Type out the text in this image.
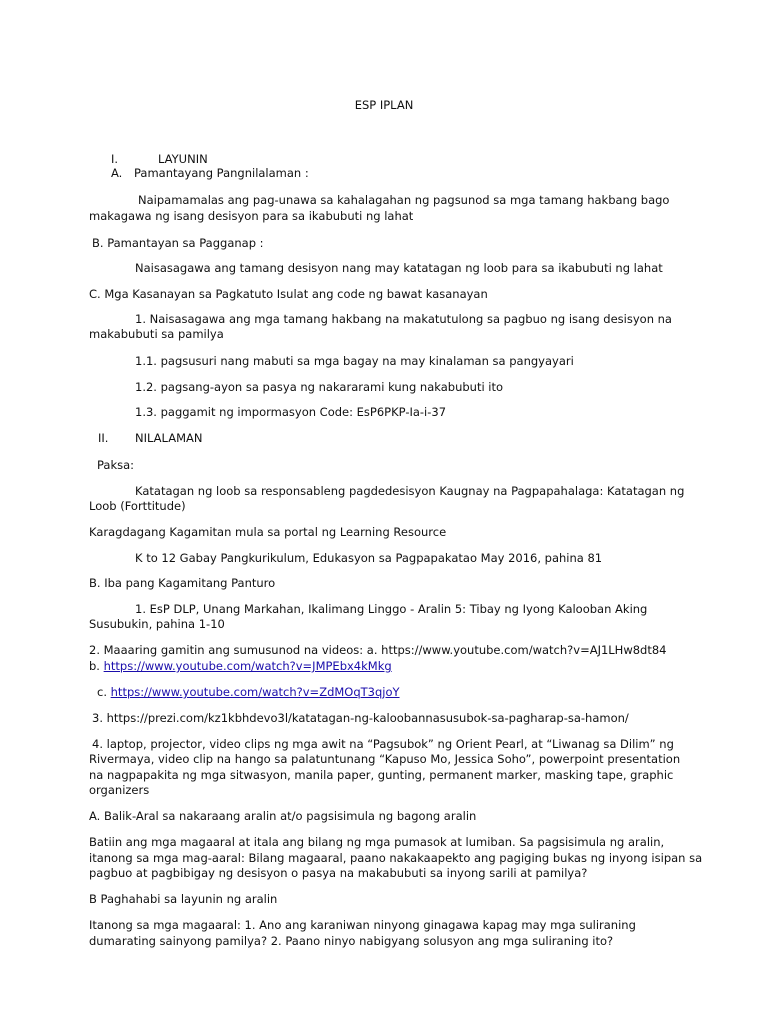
ESP IPLAN
I.	LAYUNIN
A. Pamantayang Pangnilalaman :
Naipamamalas ang pag-unawa sa kahalagahan ng pagsunod sa mga tamang hakbang bago
makagawa ng isang desisyon para sa ikabubuti ng lahat
B. Pamantayan sa Pagganap :
Naisasagawa ang tamang desisyon nang may katatagan ng loob para sa ikabubuti ng lahat
C. Mga Kasanayan sa Pagkatuto Isulat ang code ng bawat kasanayan
1. Naisasagawa ang mga tamang hakbang na makatutulong sa pagbuo ng isang desisyon na
makabubuti sa pamilya
1.1. pagsusuri nang mabuti sa mga bagay na may kinalaman sa pangyayari
1.2. pagsang-ayon sa pasya ng nakararami kung nakabubuti ito
1.3. paggamit ng impormasyon Code: EsP6PKP-Ia-i-37
II. NILALAMAN
Paksa:
Katatagan ng loob sa responsableng pagdedesisyon Kaugnay na Pagpapahalaga: Katatagan ng
Loob (Forttitude)
Karagdagang Kagamitan mula sa portal ng Learning Resource
K to 12 Gabay Pangkurikulum, Edukasyon sa Pagpapakatao May 2016, pahina 81
B. Iba pang Kagamitang Panturo
1. EsP DLP, Unang Markahan, Ikalimang Linggo - Aralin 5: Tibay ng Iyong Kalooban Aking
Susubukin, pahina 1-10
2. Maaaring gamitin ang sumusunod na videos: a. https://www.youtube.com/watch?v=AJ1LHw8dt84
b. https://www.youtube.com/watch?v=JMPEbx4kMkg
c. https://www.youtube.com/watch?v=ZdMOqT3qjoY
3. https://prezi.com/kz1kbhdevo3l/katatagan-ng-kaloobannasusubok-sa-pagharap-sa-hamon/
4. laptop, projector, video clips ng mga awit na “Pagsubok” ng Orient Pearl, at “Liwanag sa Dilim” ng
Rivermaya, video clip na hango sa palatuntunang “Kapuso Mo, Jessica Soho”, powerpoint presentation
na nagpapakita ng mga sitwasyon, manila paper, gunting, permanent marker, masking tape, graphic
organizers
A. Balik-Aral sa nakaraang aralin at/o pagsisimula ng bagong aralin
Batiin ang mga magaaral at itala ang bilang ng mga pumasok at lumiban. Sa pagsisimula ng aralin,
itanong sa mga mag-aaral: Bilang magaaral, paano nakakaapekto ang pagiging bukas ng inyong isipan sa
pagbuo at pagbibigay ng desisyon o pasya na makabubuti sa inyong sarili at pamilya?
B Paghahabi sa layunin ng aralin
Itanong sa mga magaaral: 1. Ano ang karaniwan ninyong ginagawa kapag may mga suliraning
dumarating sainyong pamilya? 2. Paano ninyo nabigyang solusyon ang mga suliraning ito?
